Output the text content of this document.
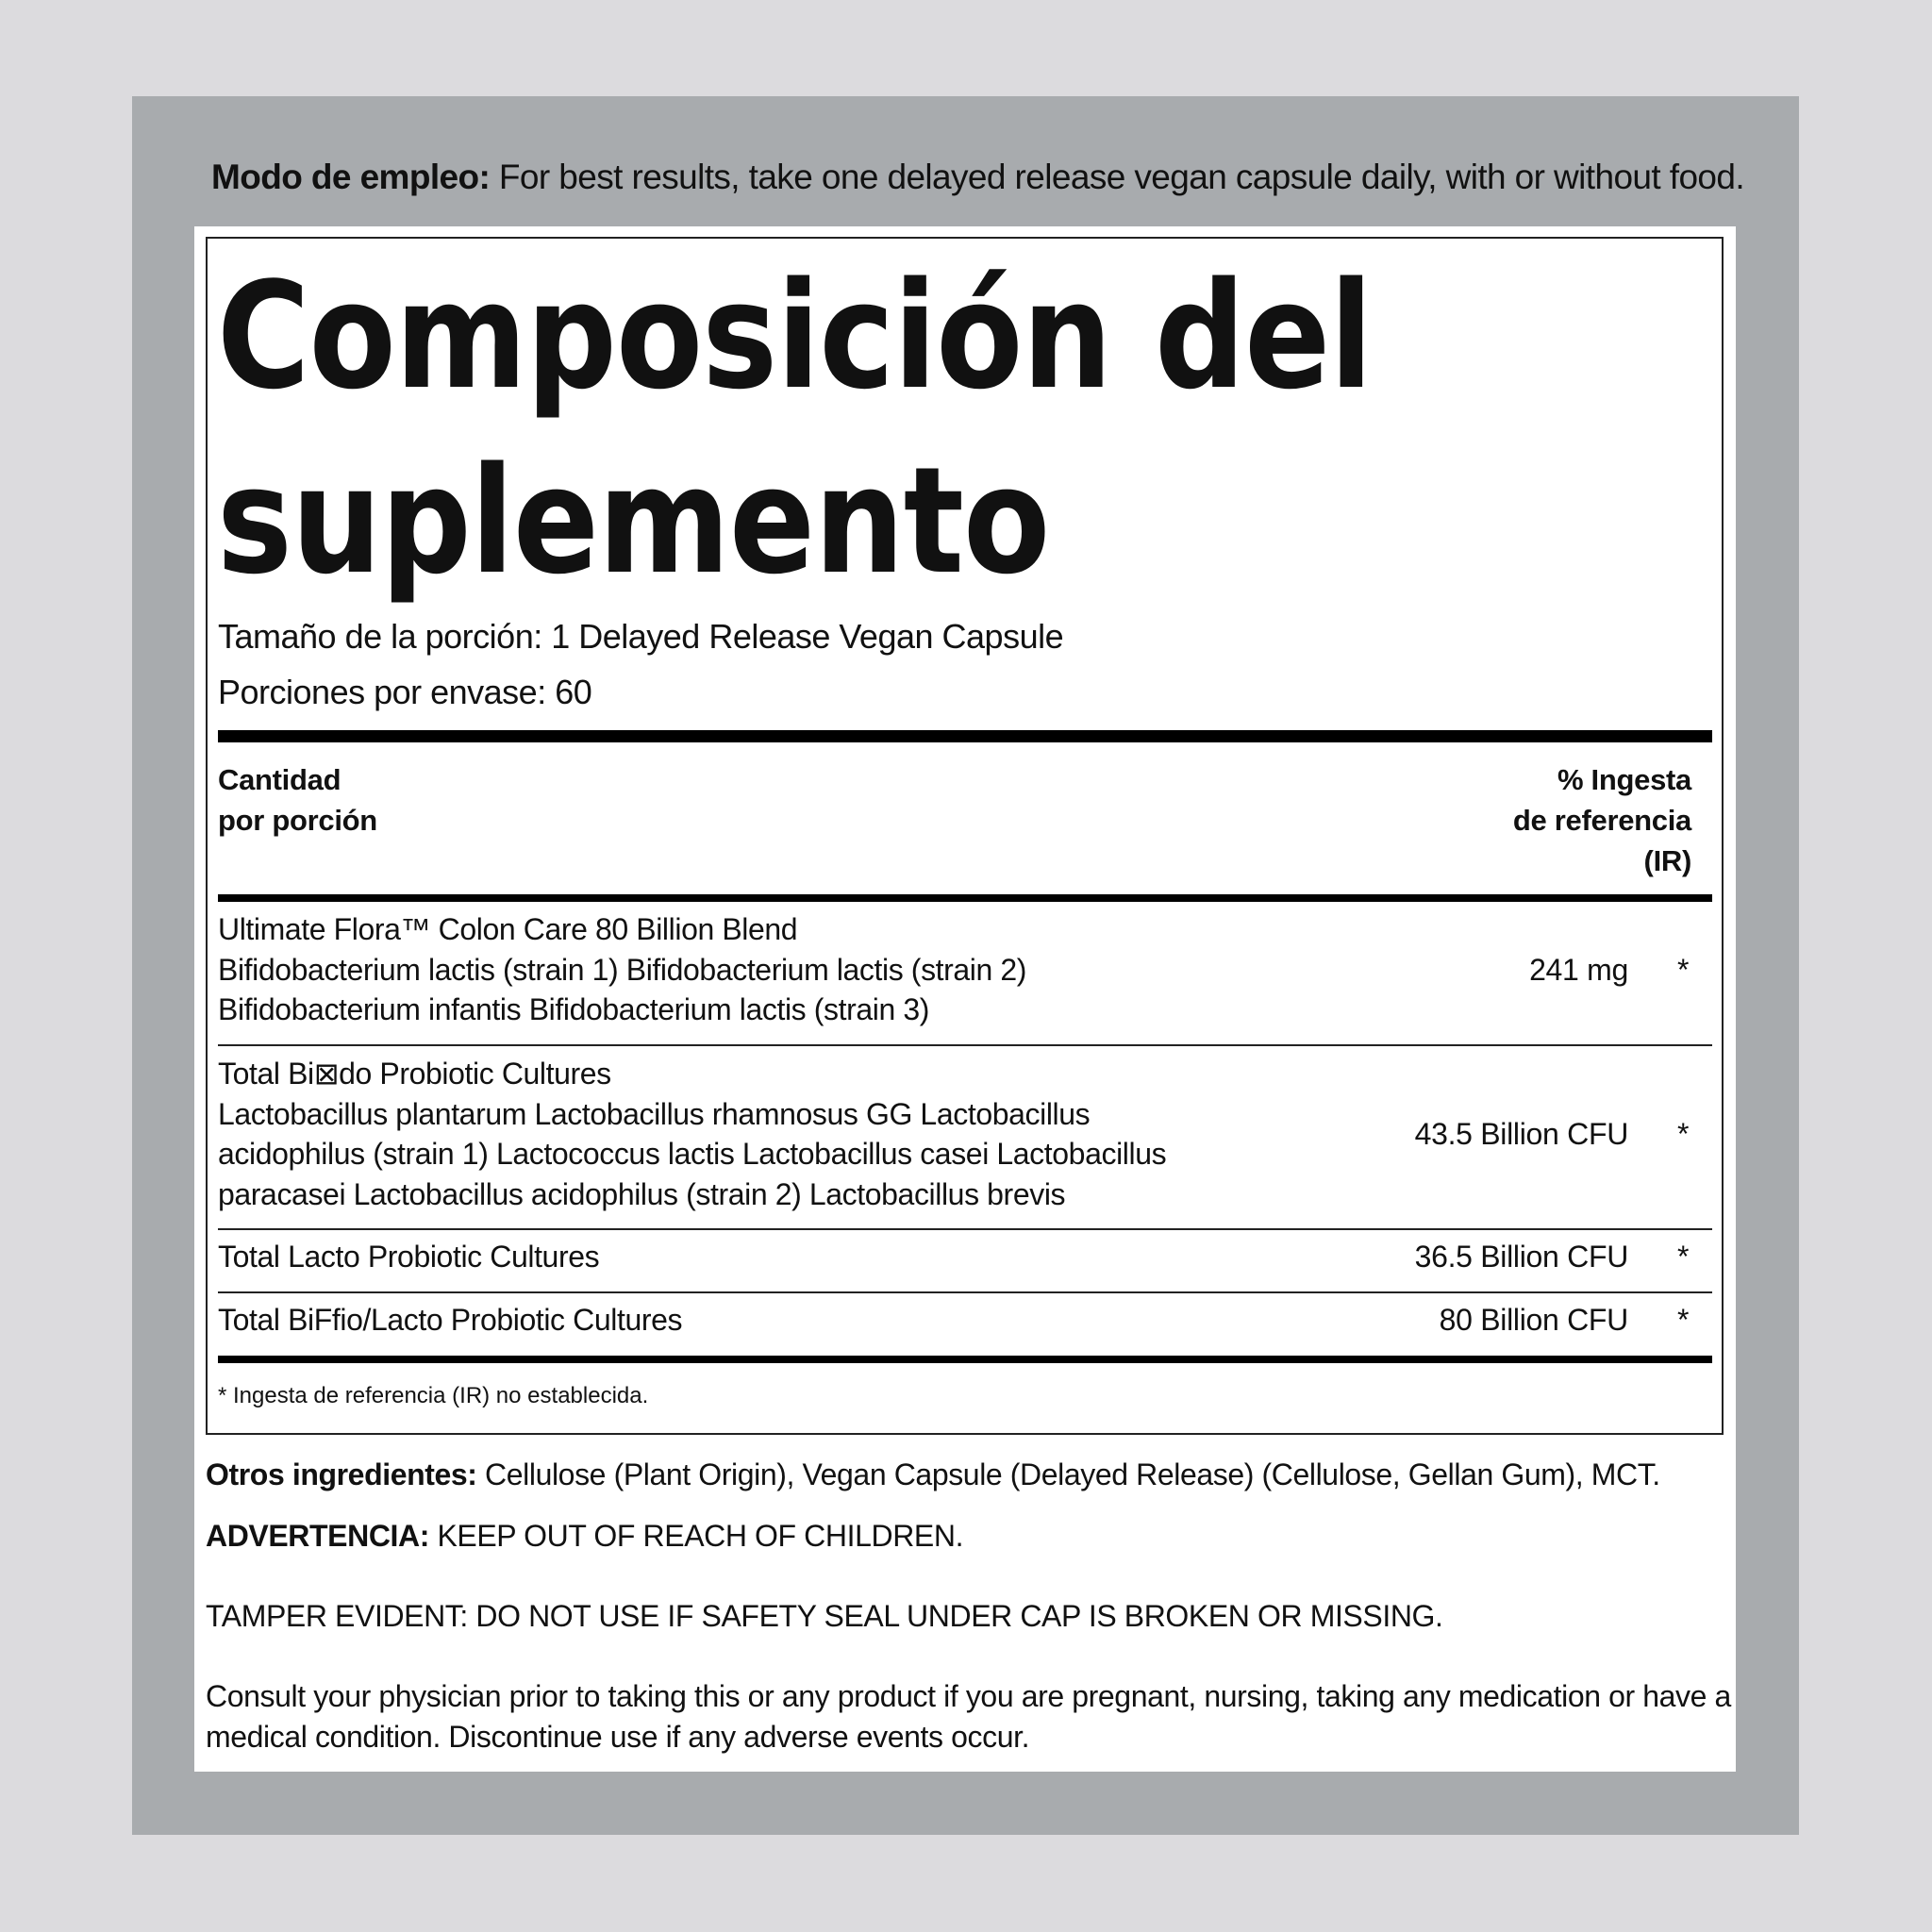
Modo de empleo: For best results, take one delayed release vegan capsule daily, with or without food.
Composición del
suplemento
Tamaño de la porción: 1 Delayed Release Vegan Capsule
Porciones por envase: 60
Cantidad
por porción
% Ingesta
de referencia
(IR)
Ultimate Flora™ Colon Care 80 Billion Blend
Bifidobacterium lactis (strain 1) Bifidobacterium lactis (strain 2) Bifidobacterium infantis Bifidobacterium lactis (strain 3)
241 mg *
Total Bi⊠do Probiotic Cultures
Lactobacillus plantarum Lactobacillus rhamnosus GG Lactobacillus acidophilus (strain 1) Lactococcus lactis Lactobacillus casei Lactobacillus paracasei Lactobacillus acidophilus (strain 2) Lactobacillus brevis
43.5 Billion CFU *
Total Lacto Probiotic Cultures	36.5 Billion CFU *
Total BiFfio/Lacto Probiotic Cultures	80 Billion CFU *
* Ingesta de referencia (IR) no establecida.
Otros ingredientes: Cellulose (Plant Origin), Vegan Capsule (Delayed Release) (Cellulose, Gellan Gum), MCT.
ADVERTENCIA: KEEP OUT OF REACH OF CHILDREN.
TAMPER EVIDENT: DO NOT USE IF SAFETY SEAL UNDER CAP IS BROKEN OR MISSING.
Consult your physician prior to taking this or any product if you are pregnant, nursing, taking any medication or have a medical condition. Discontinue use if any adverse events occur.
